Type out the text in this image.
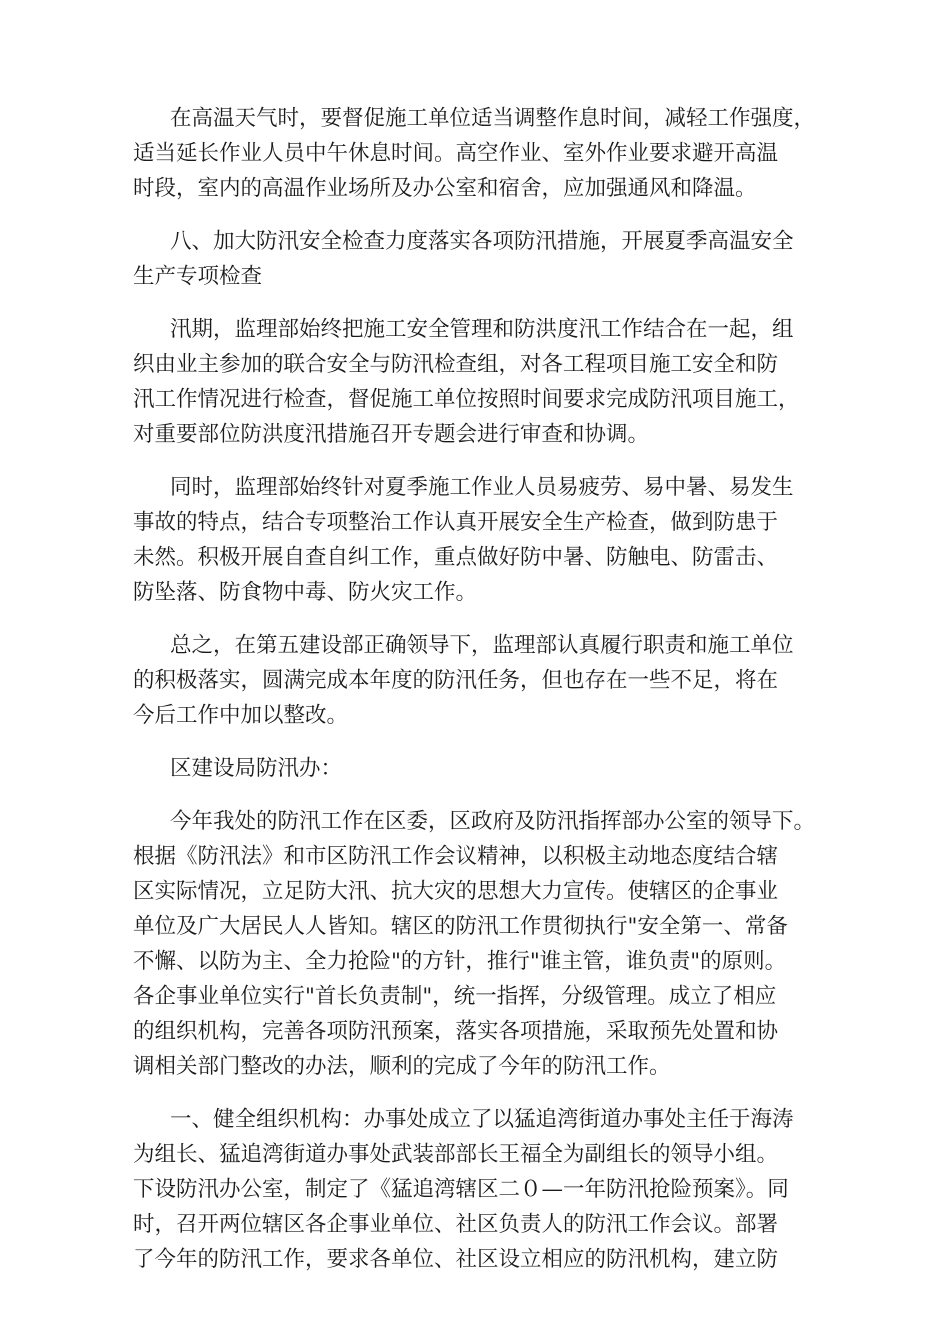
在高温天气时，要督促施工单位适当调整作息时间，减轻工作强度，
适当延长作业人员中午休息时间。高空作业、室外作业要求避开高温
时段，室内的高温作业场所及办公室和宿舍，应加强通风和降温。

八、加大防汛安全检查力度落实各项防汛措施，开展夏季高温安全
生产专项检查

汛期，监理部始终把施工安全管理和防洪度汛工作结合在一起，组
织由业主参加的联合安全与防汛检查组，对各工程项目施工安全和防
汛工作情况进行检查，督促施工单位按照时间要求完成防汛项目施工，
对重要部位防洪度汛措施召开专题会进行审查和协调。

同时，监理部始终针对夏季施工作业人员易疲劳、易中暑、易发生
事故的特点，结合专项整治工作认真开展安全生产检查，做到防患于
未然。积极开展自查自纠工作，重点做好防中暑、防触电、防雷击、
防坠落、防食物中毒、防火灾工作。

总之，在第五建设部正确领导下，监理部认真履行职责和施工单位
的积极落实，圆满完成本年度的防汛任务，但也存在一些不足，将在
今后工作中加以整改。

区建设局防汛办：

今年我处的防汛工作在区委，区政府及防汛指挥部办公室的领导下。
根据《防汛法》和市区防汛工作会议精神，以积极主动地态度结合辖
区实际情况，立足防大汛、抗大灾的思想大力宣传。使辖区的企事业
单位及广大居民人人皆知。辖区的防汛工作贯彻执行"安全第一、常备
不懈、以防为主、全力抢险"的方针，推行"谁主管，谁负责"的原则。
各企事业单位实行"首长负责制"，统一指挥，分级管理。成立了相应
的组织机构，完善各项防汛预案，落实各项措施，采取预先处置和协
调相关部门整改的办法，顺利的完成了今年的防汛工作。

一、健全组织机构：办事处成立了以猛追湾街道办事处主任于海涛
为组长、猛追湾街道办事处武装部部长王福全为副组长的领导小组。
下设防汛办公室，制定了《猛追湾辖区二０—一年防汛抢险预案》。同
时，召开两位辖区各企事业单位、社区负责人的防汛工作会议。部署
了今年的防汛工作，要求各单位、社区设立相应的防汛机构，建立防
